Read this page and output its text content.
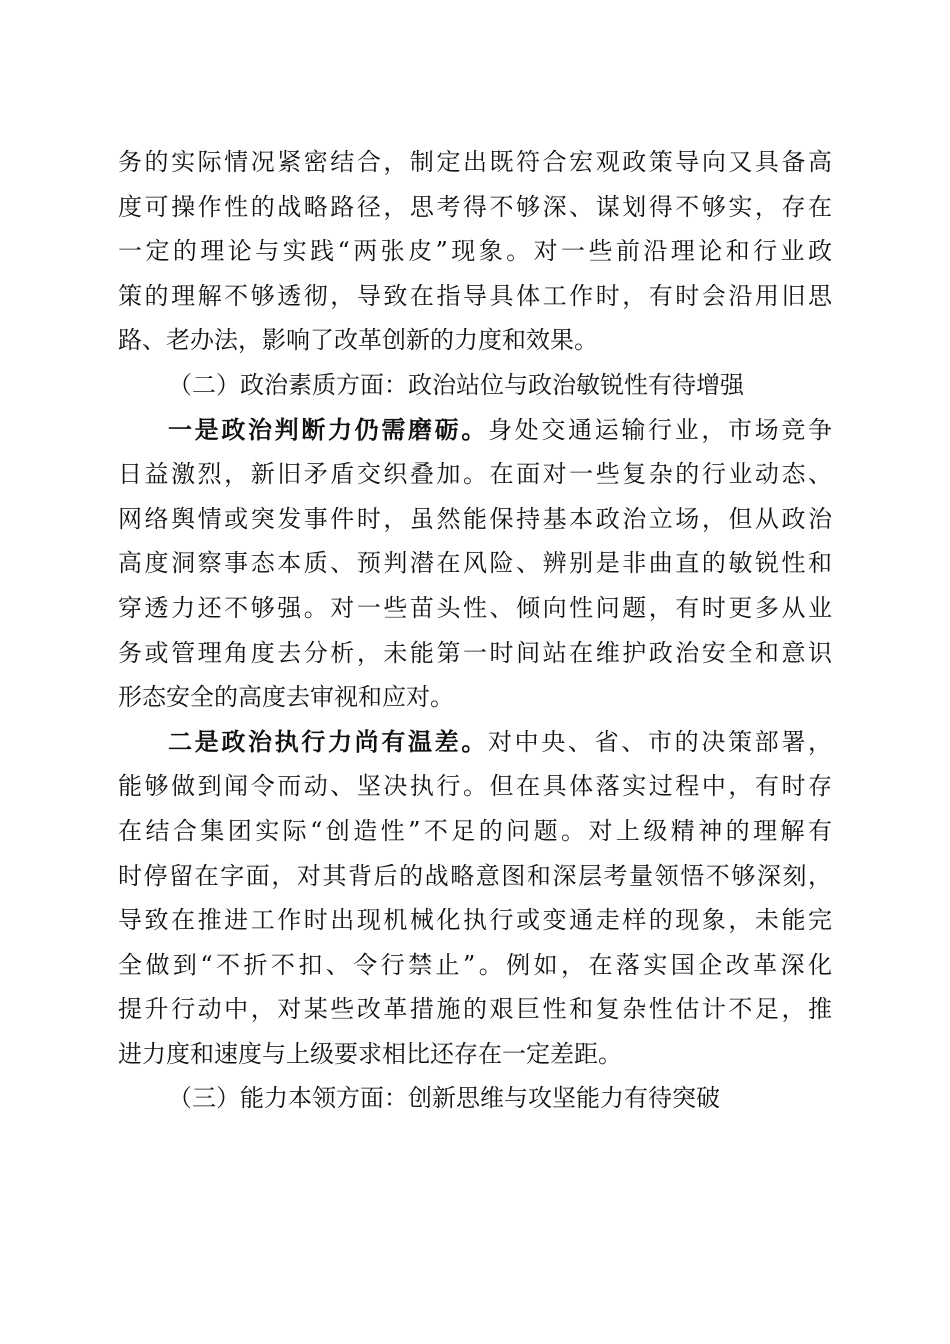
务的实际情况紧密结合，制定出既符合宏观政策导向又具备高
度可操作性的战略路径，思考得不够深、谋划得不够实，存在
一定的理论与实践“两张皮”现象。对一些前沿理论和行业政
策的理解不够透彻，导致在指导具体工作时，有时会沿用旧思
路、老办法，影响了改革创新的力度和效果。
（二）政治素质方面：政治站位与政治敏锐性有待增强
一是政治判断力仍需磨砺。身处交通运输行业，市场竞争
日益激烈，新旧矛盾交织叠加。在面对一些复杂的行业动态、
网络舆情或突发事件时，虽然能保持基本政治立场，但从政治
高度洞察事态本质、预判潜在风险、辨别是非曲直的敏锐性和
穿透力还不够强。对一些苗头性、倾向性问题，有时更多从业
务或管理角度去分析，未能第一时间站在维护政治安全和意识
形态安全的高度去审视和应对。
二是政治执行力尚有温差。对中央、省、市的决策部署，
能够做到闻令而动、坚决执行。但在具体落实过程中，有时存
在结合集团实际“创造性”不足的问题。对上级精神的理解有
时停留在字面，对其背后的战略意图和深层考量领悟不够深刻，
导致在推进工作时出现机械化执行或变通走样的现象，未能完
全做到“不折不扣、令行禁止”。例如，在落实国企改革深化
提升行动中，对某些改革措施的艰巨性和复杂性估计不足，推
进力度和速度与上级要求相比还存在一定差距。
（三）能力本领方面：创新思维与攻坚能力有待突破
